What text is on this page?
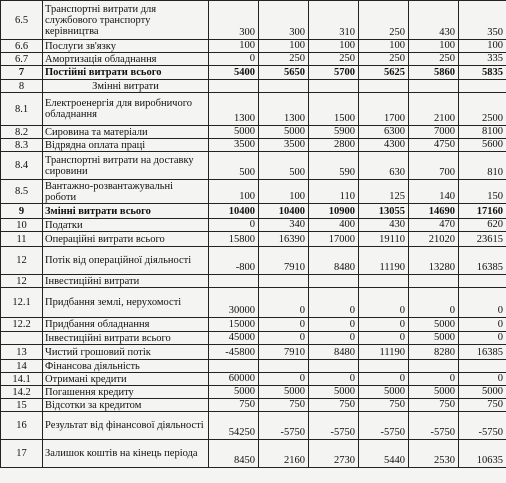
6.5	Транспортні витрати для службового транспорту керівництва	300	300	310	250	430	350
6.6	Послуги зв'язку	100	100	100	100	100	100
6.7	Амортизація обладнання	0	250	250	250	250	335
7	Постійні витрати всього	5400	5650	5700	5625	5860	5835
8	Змінні витрати						
8.1	Електроенергія для виробничого обладнання	1300	1300	1500	1700	2100	2500
8.2	Сировина та матеріали	5000	5000	5900	6300	7000	8100
8.3	Відрядна оплата праці	3500	3500	2800	4300	4750	5600
8.4	Транспортні витрати на доставку сировини	500	500	590	630	700	810
8.5	Вантажно-розвантажувальні роботи	100	100	110	125	140	150
9	Змінні витрати всього	10400	10400	10900	13055	14690	17160
10	Податки	0	340	400	430	470	620
11	Операційні витрати всього	15800	16390	17000	19110	21020	23615
12	Потік від операційної діяльності	-800	7910	8480	11190	13280	16385
12	Інвестиційні витрати						
12.1	Придбання землі, нерухомості	30000	0	0	0	0	0
12.2	Придбання обладнання	15000	0	0	0	5000	0
	Інвестиційні витрати всього	45000	0	0	0	5000	0
13	Чистий грошовий потік	-45800	7910	8480	11190	8280	16385
14	Фінансова діяльність						
14.1	Отримані кредити	60000	0	0	0	0	0
14.2	Погашення кредиту	5000	5000	5000	5000	5000	5000
15	Відсотки за кредитом	750	750	750	750	750	750
16	Результат від фінансової діяльності	54250	-5750	-5750	-5750	-5750	-5750
17	Залишок коштів на кінець періода	8450	2160	2730	5440	2530	10635
